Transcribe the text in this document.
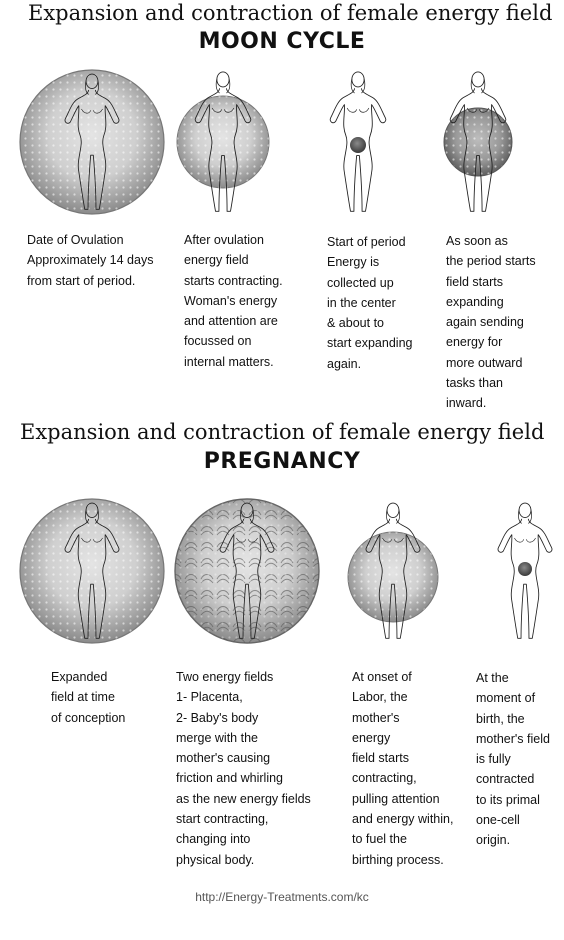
Expansion and contraction of female energy field
MOON CYCLE
Date of Ovulation
Approximately 14 days
from start of period.
After ovulation
energy field
starts contracting.
Woman's energy
and attention are
focussed on
internal matters.
Start of period
Energy is
collected up
in the center
& about to
start expanding
again.
As soon as
the period starts
field starts
expanding
again sending
energy for
more outward
tasks than
inward.
Expansion and contraction of female energy field
PREGNANCY
Expanded
field at time
of conception
Two energy fields
1- Placenta,
2- Baby's body
merge with the
mother's causing
friction and whirling
as the new energy fields
start contracting,
changing into
physical body.
At onset of
Labor, the
mother's
energy
field starts
contracting,
pulling attention
and energy within,
to fuel the
birthing process.
At the
moment of
birth, the
mother's field
is fully
contracted
to its primal
one-cell
origin.
http://Energy-Treatments.com/kc
